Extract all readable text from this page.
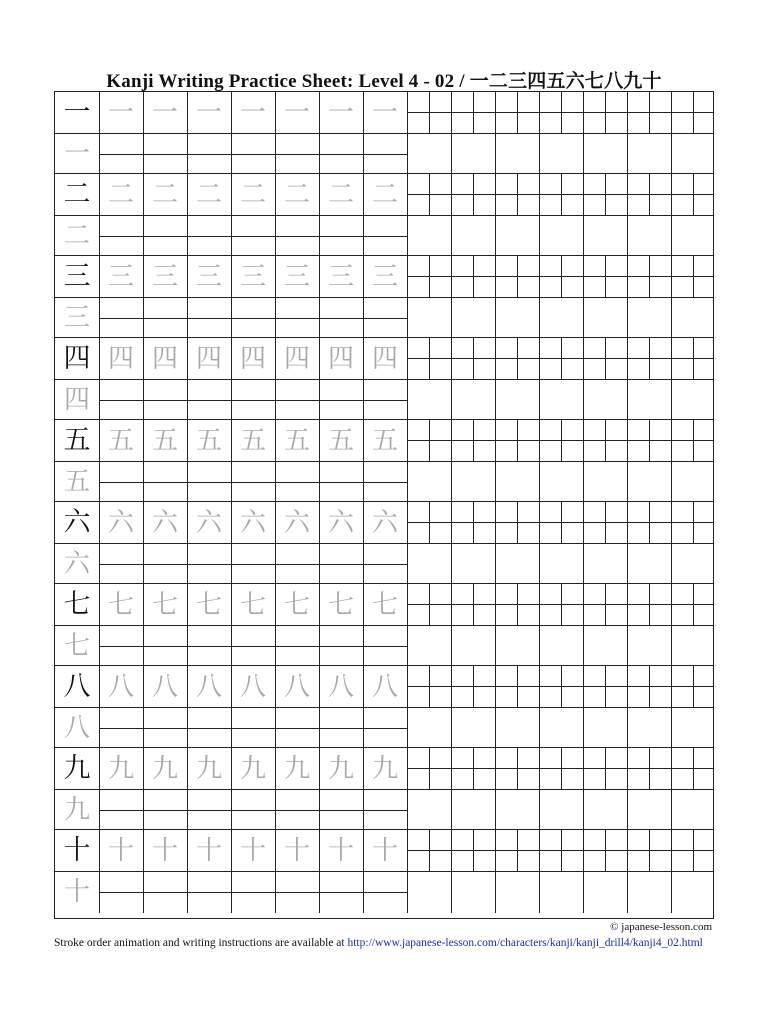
Kanji Writing Practice Sheet: Level 4 - 02 / 一二三四五六七八九十
一 一 一 一 一 一 一 一
一
二 二 二 二 二 二 二 二
二
三 三 三 三 三 三 三 三
三
四 四 四 四 四 四 四 四
四
五 五 五 五 五 五 五 五
五
六 六 六 六 六 六 六 六
六
七 七 七 七 七 七 七 七
七
八 八 八 八 八 八 八 八
八
九 九 九 九 九 九 九 九
九
十 十 十 十 十 十 十 十
十
© japanese-lesson.com
Stroke order animation and writing instructions are available at http://www.japanese-lesson.com/characters/kanji/kanji_drill4/kanji4_02.html
